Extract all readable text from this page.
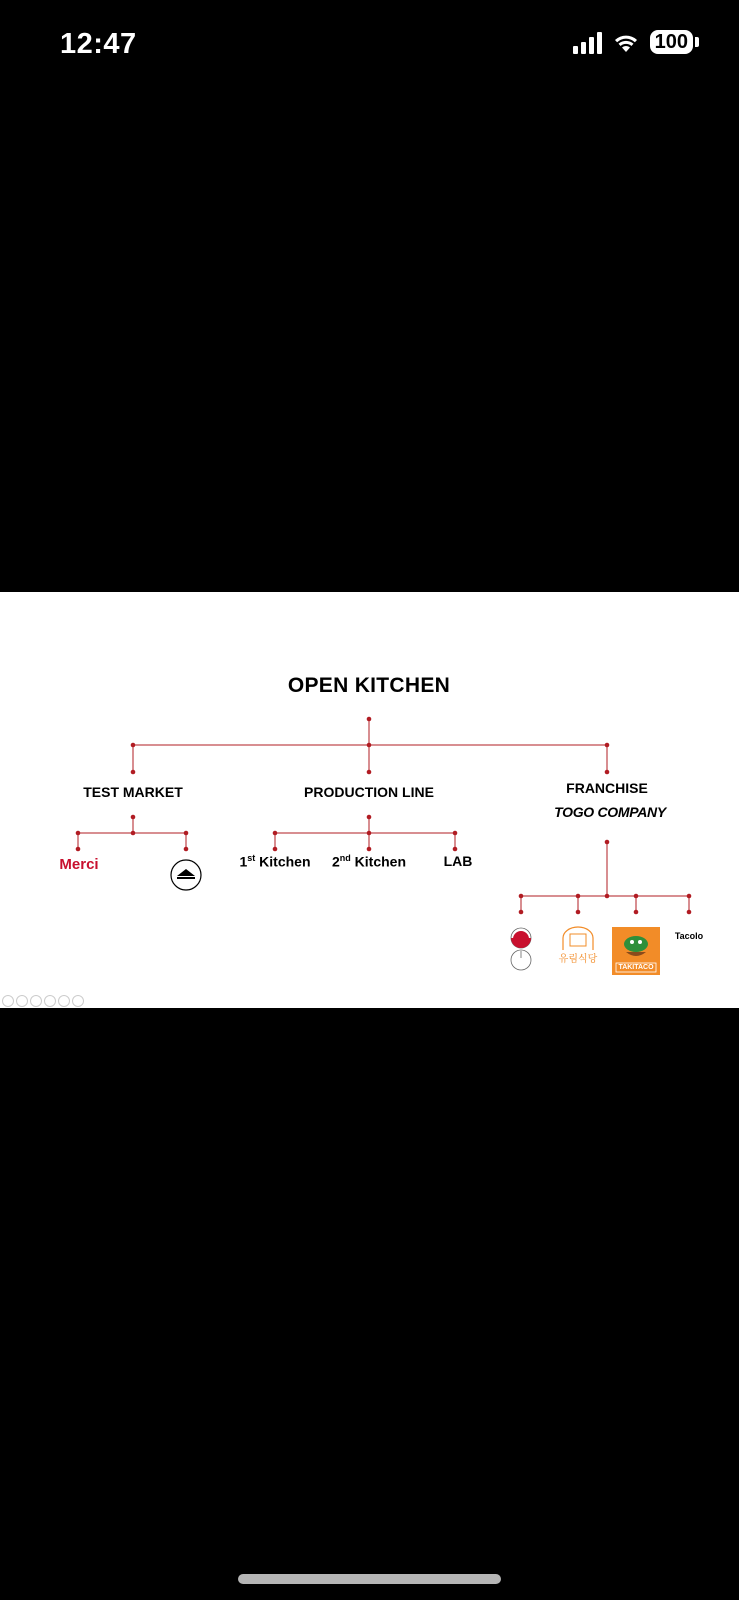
12:47	100
OPEN KITCHEN
TEST MARKET
Merci
PRODUCTION LINE
1st Kitchen 2nd Kitchen	LAB
FRANCHISE
TOGO COMPANY
유림식당
TAKITACO
Tacolo
